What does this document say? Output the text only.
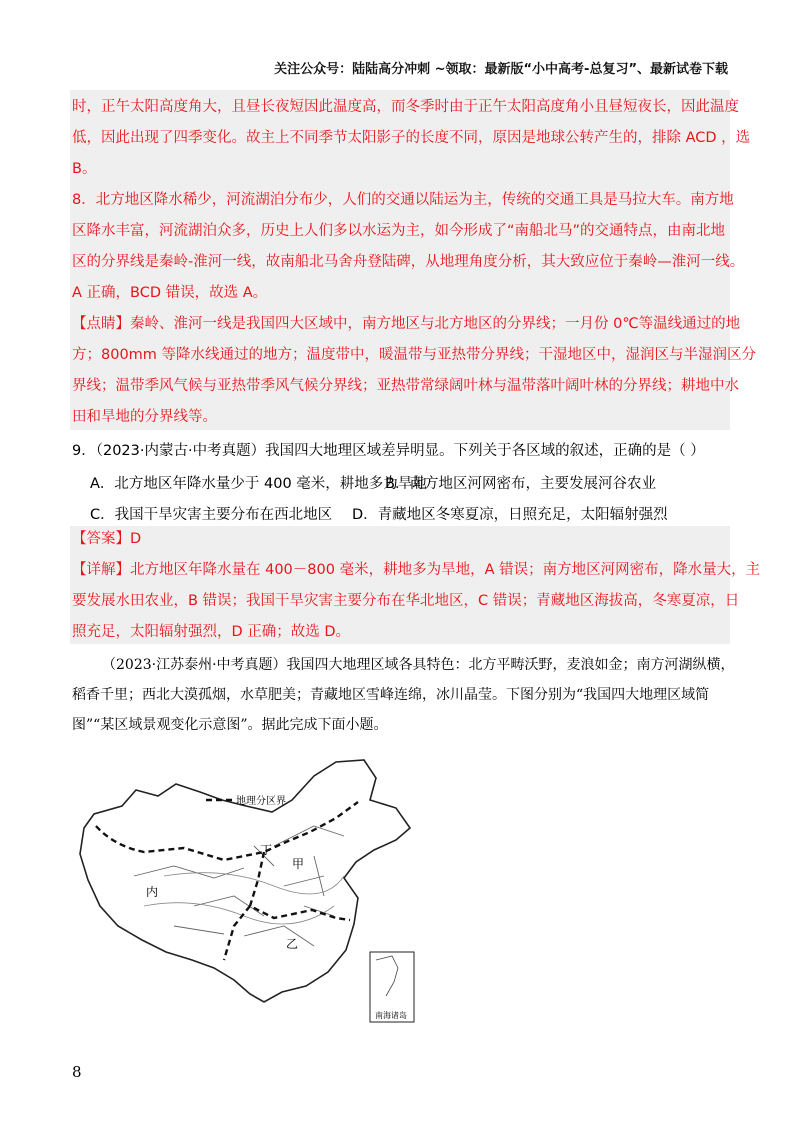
关注公众号：陆陆高分冲刺 ~领取：最新版“小中高考-总复习”、最新试卷下载
时，正午太阳高度角大，且昼长夜短因此温度高，而冬季时由于正午太阳高度角小且昼短夜长，因此温度
低，因此出现了四季变化。故主上不同季节太阳影子的长度不同，原因是地球公转产生的，排除 ACD ，选
B。
8．北方地区降水稀少，河流湖泊分布少，人们的交通以陆运为主，传统的交通工具是马拉大车。南方地
区降水丰富，河流湖泊众多，历史上人们多以水运为主，如今形成了“南船北马”的交通特点，由南北地
区的分界线是秦岭-淮河一线，故南船北马舍舟登陆碑，从地理角度分析，其大致应位于秦岭—淮河一线。
A 正确，BCD 错误，故选 A。
【点睛】秦岭、淮河一线是我国四大区域中，南方地区与北方地区的分界线；一月份 0℃等温线通过的地
方；800mm 等降水线通过的地方；温度带中，暖温带与亚热带分界线；干湿地区中，湿润区与半湿润区分
界线；温带季风气候与亚热带季风气候分界线；亚热带常绿阔叶林与温带落叶阔叶林的分界线；耕地中水
田和旱地的分界线等。
9．（2023·内蒙古·中考真题）我国四大地理区域差异明显。下列关于各区域的叙述，正确的是（ ）
A．北方地区年降水量少于 400 毫米，耕地多为旱地
B．南方地区河网密布，主要发展河谷农业
C．我国干旱灾害主要分布在西北地区 D．青藏地区冬寒夏凉，日照充足，太阳辐射强烈
【答案】D
【详解】北方地区年降水量在 400－800 毫米，耕地多为旱地，A 错误；南方地区河网密布，降水量大，主
要发展水田农业，B 错误；我国干旱灾害主要分布在华北地区，C 错误；青藏地区海拔高，冬寒夏凉，日
照充足，太阳辐射强烈，D 正确；故选 D。
（2023·江苏泰州·中考真题）我国四大地理区域各具特色：北方平畴沃野，麦浪如金；南方河湖纵横，
稻香千里；西北大漠孤烟，水草肥美；青藏地区雪峰连绵，冰川晶莹。下图分别为“我国四大地理区域简
图”“某区域景观变化示意图”。据此完成下面小题。
地理分区界
丁
甲
内
乙
南海诸岛
8
